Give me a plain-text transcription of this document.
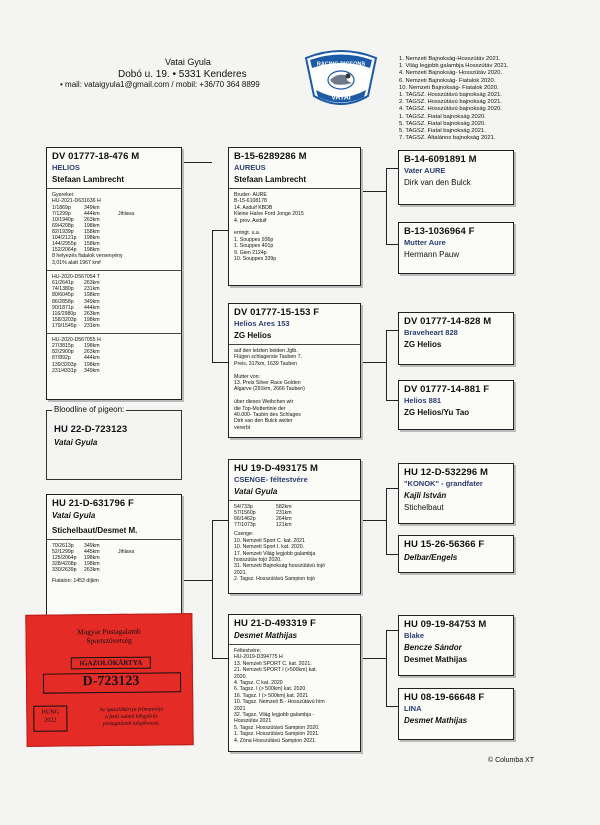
Vatai Gyula
Dobó u. 19. • 5331 Kenderes
• mail: vataigyula1@gmail.com / mobil: +36/70 364 8899
RACING PIGEONS
VATAI
1. Nemzeti Bajnokság-Hosszútáv 2021.
1. Világ legjobb galambja Hosszútáv 2021.
4. Nemzeti Bajnokság- Hosszútáv 2020.
6. Nemzeti Bajnokság- Fiatalok 2020.
10. Nemzeti Bajnokság- Fiatalok 2020.
1. TAGSZ. Hosszútávú bajnokság 2021.
2. TAGSZ. Hosszútávú bajnokság 2021.
4. TAGSZ. Hosszútávú bajnokság 2020.
1. TAGSZ. Fiatal bajnokság 2020.
5. TAGSZ. Fiatal bajnokság 2020.
5. TAGSZ. Fiatal bajnokság 2021.
7. TAGSZ. Általános bajnokság 2021.
DV 01777-18-476 M
HELIOS
Stefaan Lambrecht
Gyerekei:
HU-2021-D631636 H
1/1869p	349km
7/1299p	444km	Jihlava
10/1940p	263km
69/4208p	198km
82/1939p	158km
104/2121p	198km
144/2955p	158km
152/2064p	198km
8 helyezés fiatalok versenyény
3,01% alatt 1967 kmf
HU-2020-D567054 T
61/2641p	263km
74/1380p	231km
80/6045p	198km
86/2858p	349km
90/1871p	444km
116/2980p	263km
158/3203p	198km
179/1545p	231km
HU-2020-D567055 H
27/3815p	198km
82/2900p	263km
87/892p	444km
139/3203p	198km
231/4331p	349km
B-15-6289286 M
AUREUS
Stefaan Lambrecht
Bruder- AURE
B-15-6108178
14. Asduif KBDB
Kleine Halve Ford Jonge 2015
4. prov. Asduif

erringt. u.a.
1. Souppes 936p
1. Souppes 401p
9. Gien 2124p
10. Souppes 339p
B-14-6091891 M
Vater AURE
Dirk van den Bulck
B-13-1036964 F
Mutter Aure
Hermann Pauw
DV 01777-15-153 F
Helios Ares 153
ZG Helios
auf den letzten beiden Jgtb.
Flügen schlagerste Tauben 7.
Preis, 317km, 1639 Tauben

Mutter von:
13. Preis Silver Race Golden
Algarve (291km, 2666 Tauben)

über dieses Weibchen wir
die Top-Muttertinie der
40.000- Taubin des Schlages
Dirk van den Bulck weiter
vererbt
DV 01777-14-828 M
Braveheart 828
ZG Helios
DV 01777-14-881 F
Helios 881
ZG Helios/Yu Tao
Bloodline of pigeon:
HU 22-D-723123
Vatai Gyula
HU 21-D-631796 F
Vatai Gyula
Stichelbaut/Desmet M.
70/2613p	349km
52/1299p	445km	Jihlava
125/2064p	198km
328/4208p	198km
330/2639p	263km
Fiatalon: 1453 díjkm
HU 19-D-493175 M
CSENGE- féltestvére
Vatai Gyula
54/733p	582km
57/1560p	231km
66/1462p	264km
77/1073p	121km
Csenge:
10. Nemzeti Sport C. kat. 2021
10. Nemzeti Sport I. kat. 2020.
17. Nemzeti Világ legjobb galambja
hosszútáv tojó 2020.
31. Nemzeti Bajnokság hosszútávú tojó
2021.
2. Tagsz. Hosszútávú Sampion tojó
HU 12-D-532296 M
"KONOK" - grandfater
Kajli István
Stichelbaut
HU 15-26-56366 F
Delbar/Engels
HU 21-D-493319 F
Desmet Mathijas
Féltestvére:
HU-2019-D394775 H
13. Nemzeti SPORT C. kat. 2021.
21. Nemzeti SPORT I (>500km) kat.
2020.
4. Tagsz. C kat. 2020
6. Tagsz. I (> 500km) kat. 2020
16. Tagsz. I (> 500km) kat. 2021
10. Tagsz. Nemzeti B.- Hosszútávú hím
2021
32. Tagsz. Világ legjobb galambja -
Hosszútáv 2021
5. Tagsz. Hosszútávú Sampion 2020.
1. Tagsz. Hosszútávú Sampion 2021.
4. Zóna Hosszútávú Sampion 2021.
HU 09-19-84753 M
Blake
Bencze Sándor
Desmet Mathijas
HU 08-19-66648 F
LINA
Desmet Mathijas
Magyar Postagalamb
Sportszövetség
IGAZOLÓKÁRTYA
D-723123
HUNG
2022
Az igazolókártya felmutatója
a fenti számú lábgyűrűs
postagalamb tulajdonosa.
© Columba XT
